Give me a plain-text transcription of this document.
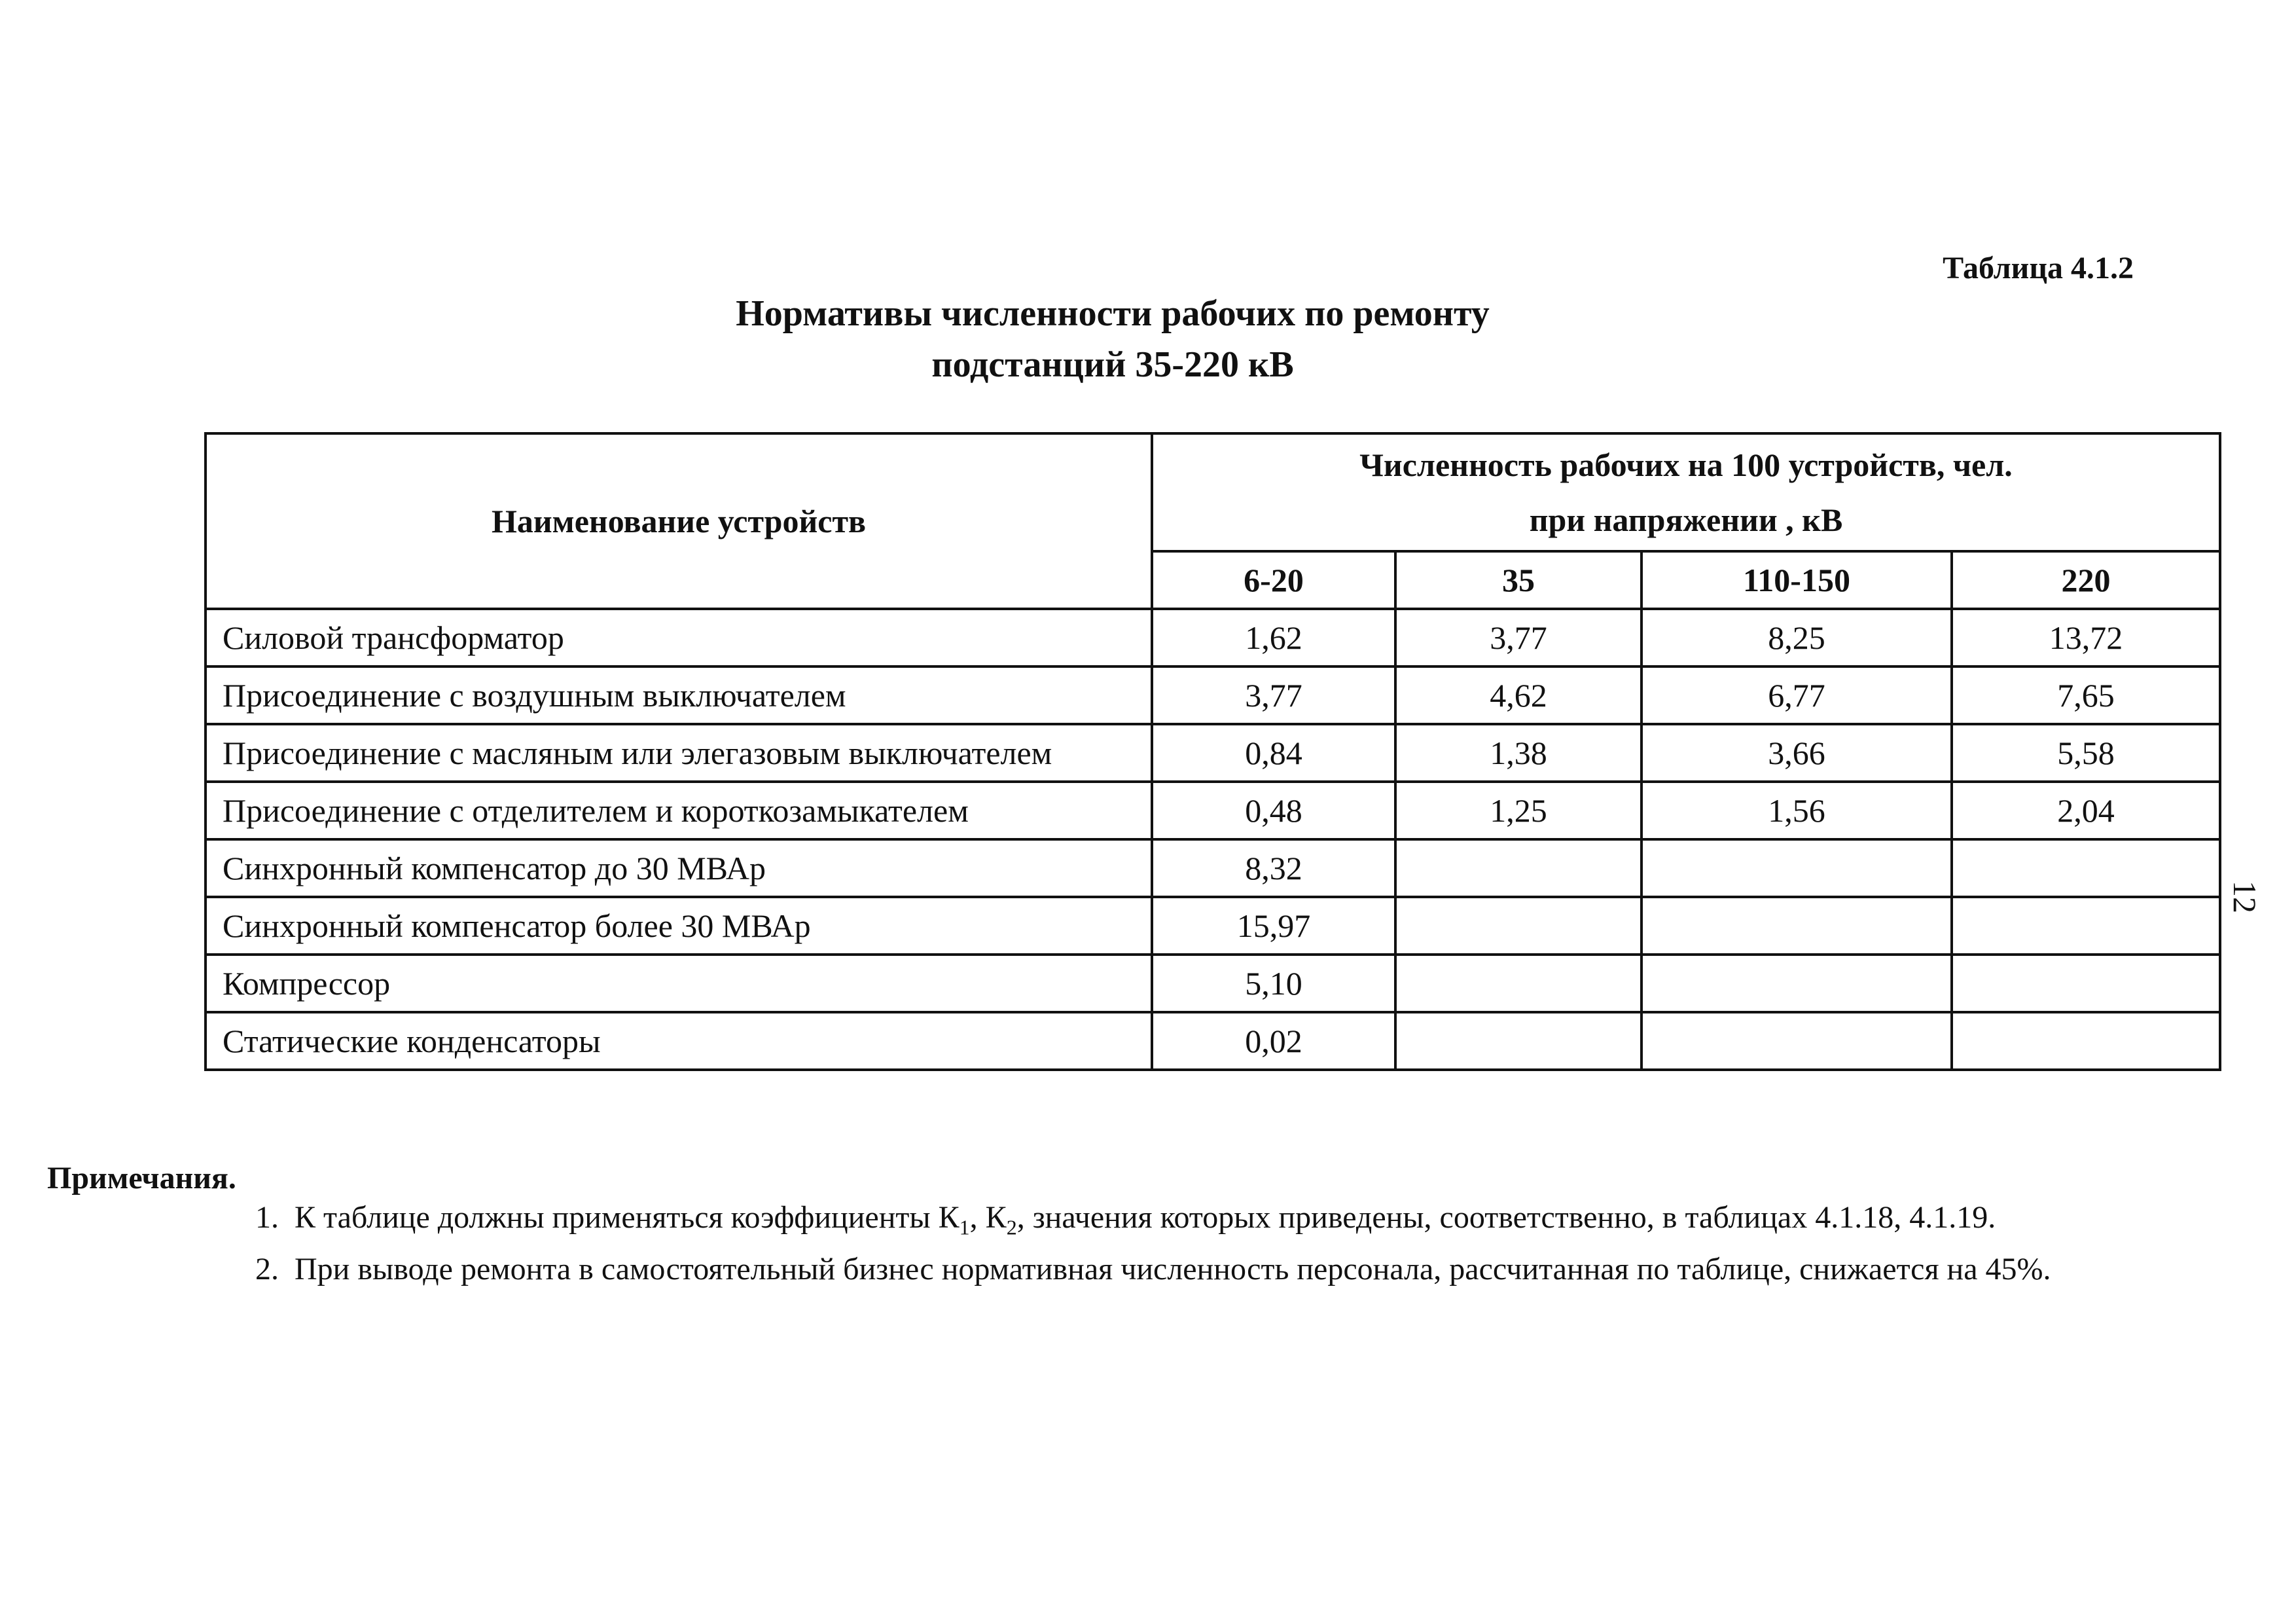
Таблица 4.1.2
Нормативы численности рабочих по ремонту
подстанций 35-220 кВ
Наименование устройств	Численность рабочих на 100 устройств, чел.
при напряжении , кВ			

	6-20	35	110-150	220
Силовой трансформатор	1,62	3,77	8,25	13,72
Присоединение с воздушным выключателем	3,77	4,62	6,77	7,65
Присоединение с масляным или элегазовым выключателем	0,84	1,38	3,66	5,58
Присоединение с отделителем и короткозамыкателем	0,48	1,25	1,56	2,04
Синхронный компенсатор до 30 МВАр	8,32			
Синхронный компенсатор более 30 МВАр	15,97			
Компрессор	5,10			
Статические конденсаторы	0,02			
12
Примечания.
1. К таблице должны применяться коэффициенты $К_1$, $К_2$, значения которых приведены, соответственно, в таблицах 4.1.18, 4.1.19.
2. При выводе ремонта в самостоятельный бизнес нормативная численность персонала, рассчитанная по таблице, снижается на 45%.
